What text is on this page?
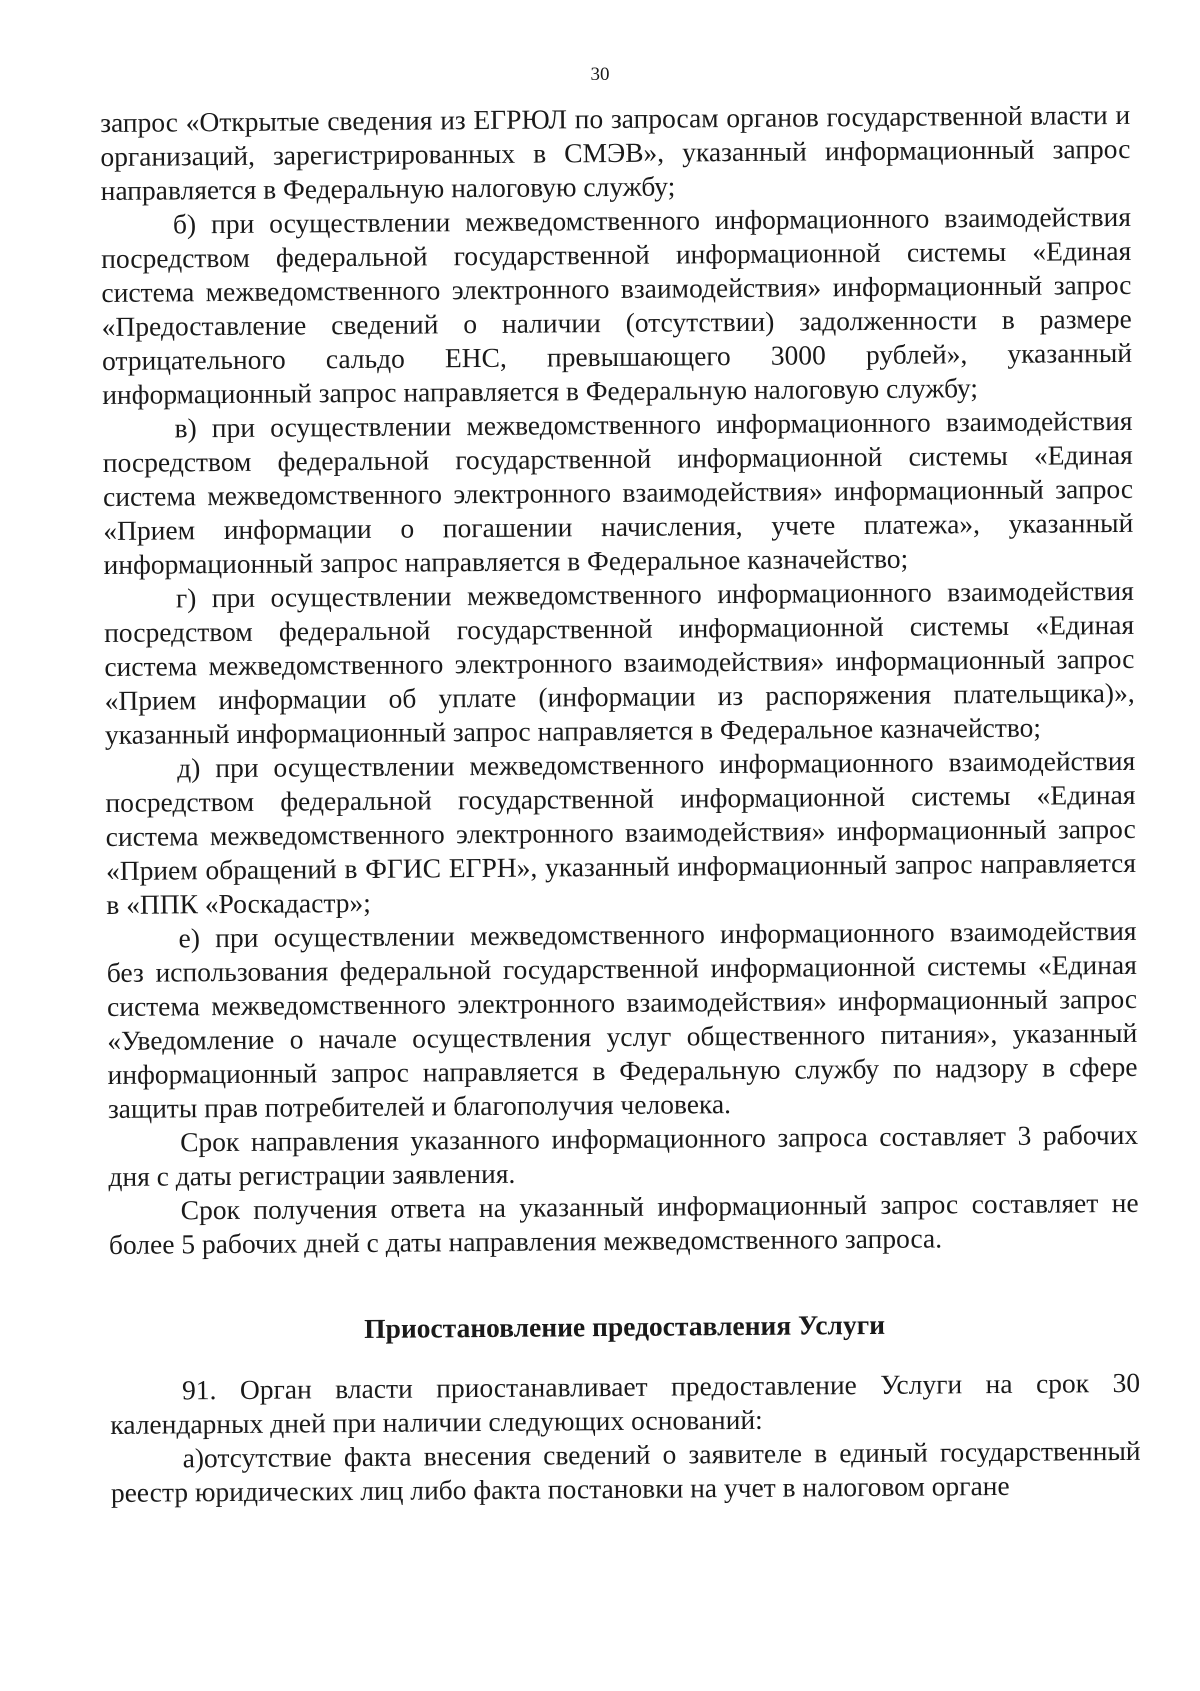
30

запрос «Открытые сведения из ЕГРЮЛ по запросам органов государственной власти и организаций, зарегистрированных в СМЭВ», указанный информационный запрос направляется в Федеральную налоговую службу;

б) при осуществлении межведомственного информационного взаимодействия посредством федеральной государственной информационной системы «Единая система межведомственного электронного взаимодействия» информационный запрос «Предоставление сведений о наличии (отсутствии) задолженности в размере отрицательного сальдо ЕНС, превышающего 3000 рублей», указанный информационный запрос направляется в Федеральную налоговую службу;

в) при осуществлении межведомственного информационного взаимодействия посредством федеральной государственной информационной системы «Единая система межведомственного электронного взаимодействия» информационный запрос «Прием информации о погашении начисления, учете платежа», указанный информационный запрос направляется в Федеральное казначейство;

г) при осуществлении межведомственного информационного взаимодействия посредством федеральной государственной информационной системы «Единая система межведомственного электронного взаимодействия» информационный запрос «Прием информации об уплате (информации из распоряжения плательщика)», указанный информационный запрос направляется в Федеральное казначейство;

д) при осуществлении межведомственного информационного взаимодействия посредством федеральной государственной информационной системы «Единая система межведомственного электронного взаимодействия» информационный запрос «Прием обращений в ФГИС ЕГРН», указанный информационный запрос направляется в «ППК «Роскадастр»;

е) при осуществлении межведомственного информационного взаимодействия без использования федеральной государственной информационной системы «Единая система межведомственного электронного взаимодействия» информационный запрос «Уведомление о начале осуществления услуг общественного питания», указанный информационный запрос направляется в Федеральную службу по надзору в сфере защиты прав потребителей и благополучия человека.

Срок направления указанного информационного запроса составляет 3 рабочих дня с даты регистрации заявления.

Срок получения ответа на указанный информационный запрос составляет не более 5 рабочих дней с даты направления межведомственного запроса.

Приостановление предоставления Услуги

91. Орган власти приостанавливает предоставление Услуги на срок 30 календарных дней при наличии следующих оснований:

а)отсутствие факта внесения сведений о заявителе в единый государственный реестр юридических лиц либо факта постановки на учет в налоговом органе
